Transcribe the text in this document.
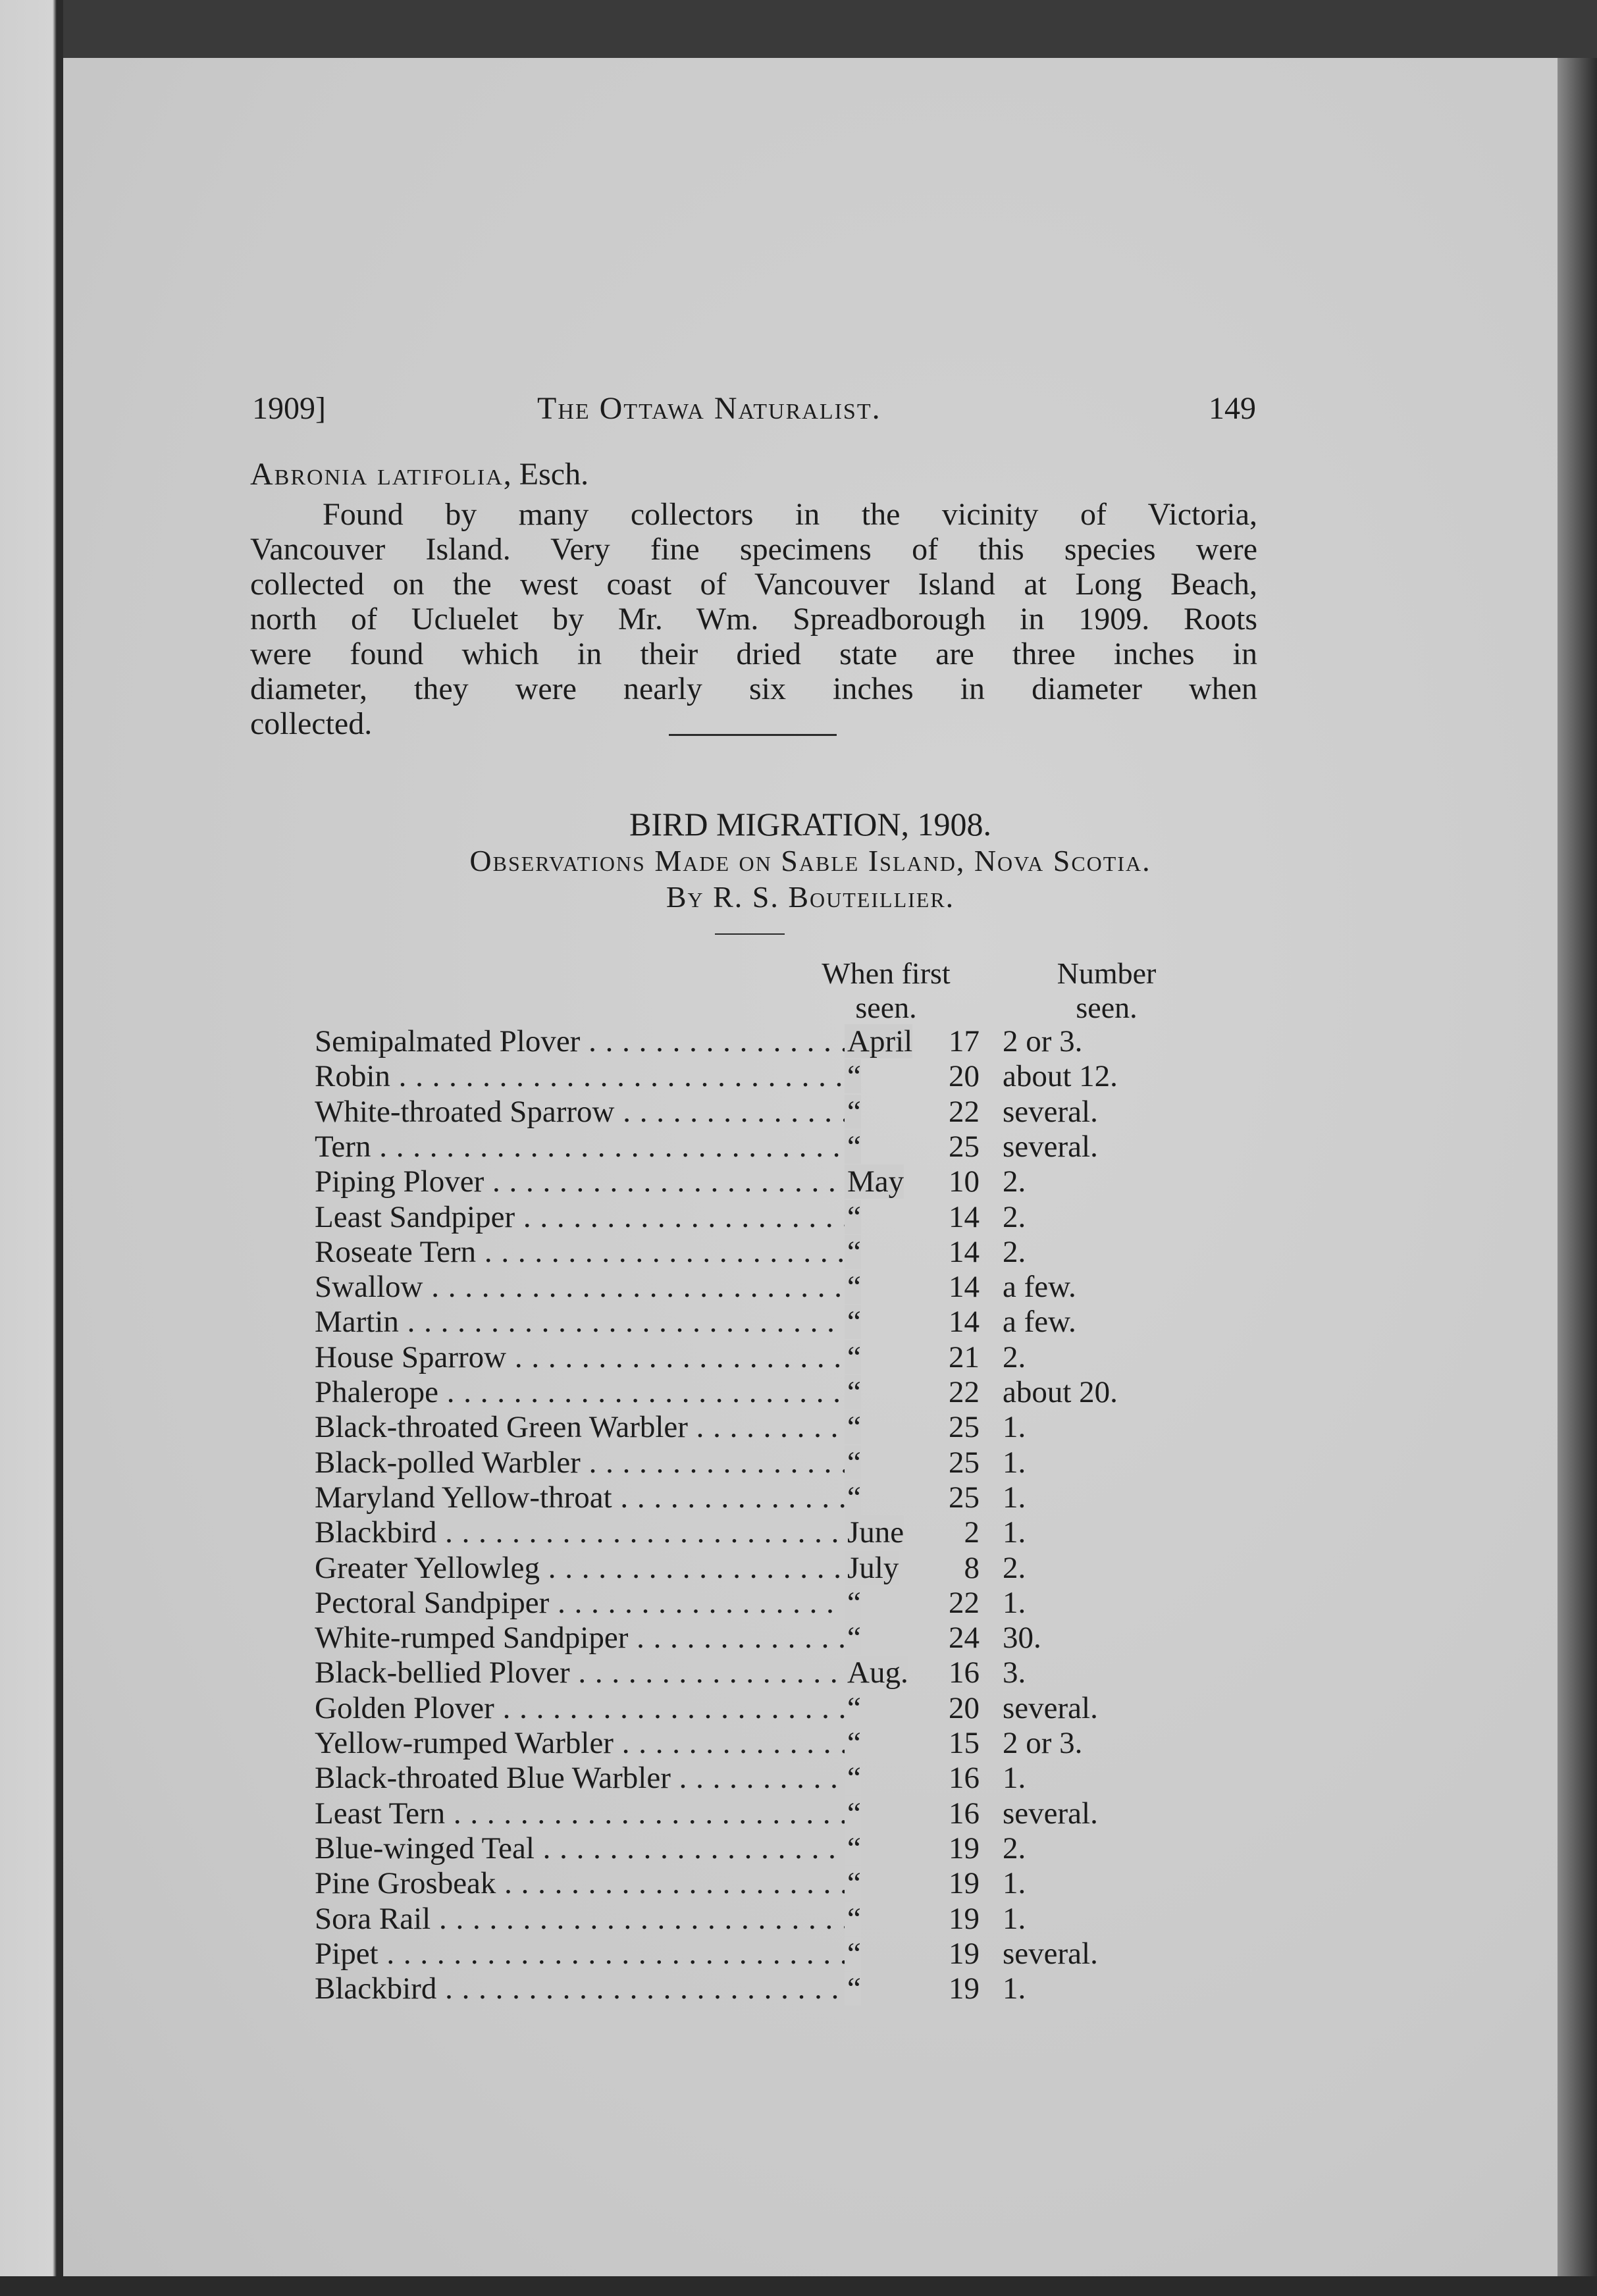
1909]	The Ottawa Naturalist.	149
Abronia latifolia, Esch.
Found by many collectors in the vicinity of Victoria,
Vancouver Island. Very fine specimens of this species were
collected on the west coast of Vancouver Island at Long Beach,
north of Ucluelet by Mr. Wm. Spreadborough in 1909. Roots
were found which in their dried state are three inches in
diameter, they were nearly six inches in diameter when
collected.
BIRD MIGRATION, 1908.
Observations Made on Sable Island, Nova Scotia.
By R. S. Bouteillier.
When first
seen.
Number
seen.
Semipalmated Plover . . .	April	17 2 or 3.
Robin . . .	“	20 about 12.
White-throated Sparrow . . .	“	22 several.
Tern . . .	“	25 several.
Piping Plover . . .	May	10 2.
Least Sandpiper . . .	“	14 2.
Roseate Tern . . .	“	14 2.
Swallow . . .	“	14 a few.
Martin . . .	“	14 a few.
House Sparrow . . .	“	21 2.
Phalerope . . .	“	22 about 20.
Black-throated Green Warbler . . .	“	25 1.
Black-polled Warbler . . .	“	25 1.
Maryland Yellow-throat . . .	“	25 1.
Blackbird . . .	June	2 1.
Greater Yellowleg . . .	July	8 2.
Pectoral Sandpiper . . .	“	22 1.
White-rumped Sandpiper . . .	“	24 30.
Black-bellied Plover . . .	Aug.	16 3.
Golden Plover . . .	“	20 several.
Yellow-rumped Warbler . . .	“	15 2 or 3.
Black-throated Blue Warbler . . .	“	16 1.
Least Tern . . .	“	16 several.
Blue-winged Teal . . .	“	19 2.
Pine Grosbeak . . .	“	19 1.
Sora Rail . . .	“	19 1.
Pipet . . .	“	19 several.
Blackbird . . .	“	19 1.
